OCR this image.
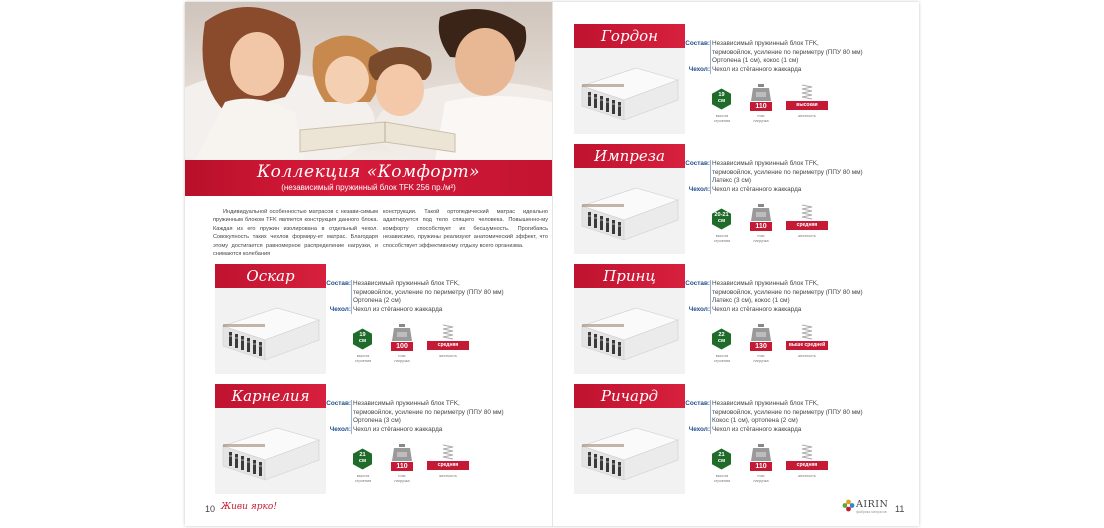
Коллекция «Комфорт»
(независимый пружинный блок TFK 256 пр./м²)
Индивидуальной особенностью матрасов с незави-симым пружинным блоком TFK является конструкция данного блока. Каждая из его пружин изолирована в отдельный чехол. Совокупность таких чехлов формиру-ет матрас. Благодаря этому достигается равномерное распределение нагрузки, и снимаются колебания
конструкции. Такой ортопедический матрас идеально адаптируется под тело спящего человека. Повышенно-му комфорту способствует их бесшумность. Прогибаясь независимо, пружины реализуют анатомический эффект, что способствует эффективному отдыху всего организма.
Оскар	Состав: Независимый пружинный блок TFK,
термовойлок, усиление по периметру (ППУ 80 мм)
Ортопена (2 см)
Чехол: Чехол из стёганного жаккарда
19
см
высота
строения
100
max
нагрузка
средняя
жесткость
Карнелия	Состав: Независимый пружинный блок TFK,
термовойлок, усиление по периметру (ППУ 80 мм)
Ортопена (3 см)
Чехол: Чехол из стёганного жаккарда
21
см
высота
строения
110
max
нагрузка
средняя
жесткость
10 Живи ярко!
Гордон	Состав: Независимый пружинный блок TFK,
термовойлок, усиление по периметру (ППУ 80 мм)
Ортопена (1 см), кокос (1 см)
Чехол: Чехол из стёганного жаккарда
19
см
высота
строения
110
max
нагрузка
высокая
жесткость
Импреза	Состав: Независимый пружинный блок TFK,
термовойлок, усиление по периметру (ППУ 80 мм)
Латекс (3 см)
Чехол: Чехол из стёганного жаккарда
20-21
см
высота
строения
110
max
нагрузка
средняя
жесткость
Принц	Состав: Независимый пружинный блок TFK,
термовойлок, усиление по периметру (ППУ 80 мм)
Латекс (3 см), кокос (1 см)
Чехол: Чехол из стёганного жаккарда
22
см
высота
строения
130
max
нагрузка
выше средней
жесткость
Ричард	Состав: Независимый пружинный блок TFK,
термовойлок, усиление по периметру (ППУ 80 мм)
Кокос (1 см), ортопена (2 см)
Чехол: Чехол из стёганного жаккарда
21
см
высота
строения
110
max
нагрузка
средняя
жесткость
AIRIN
фабрика матрасов 11
